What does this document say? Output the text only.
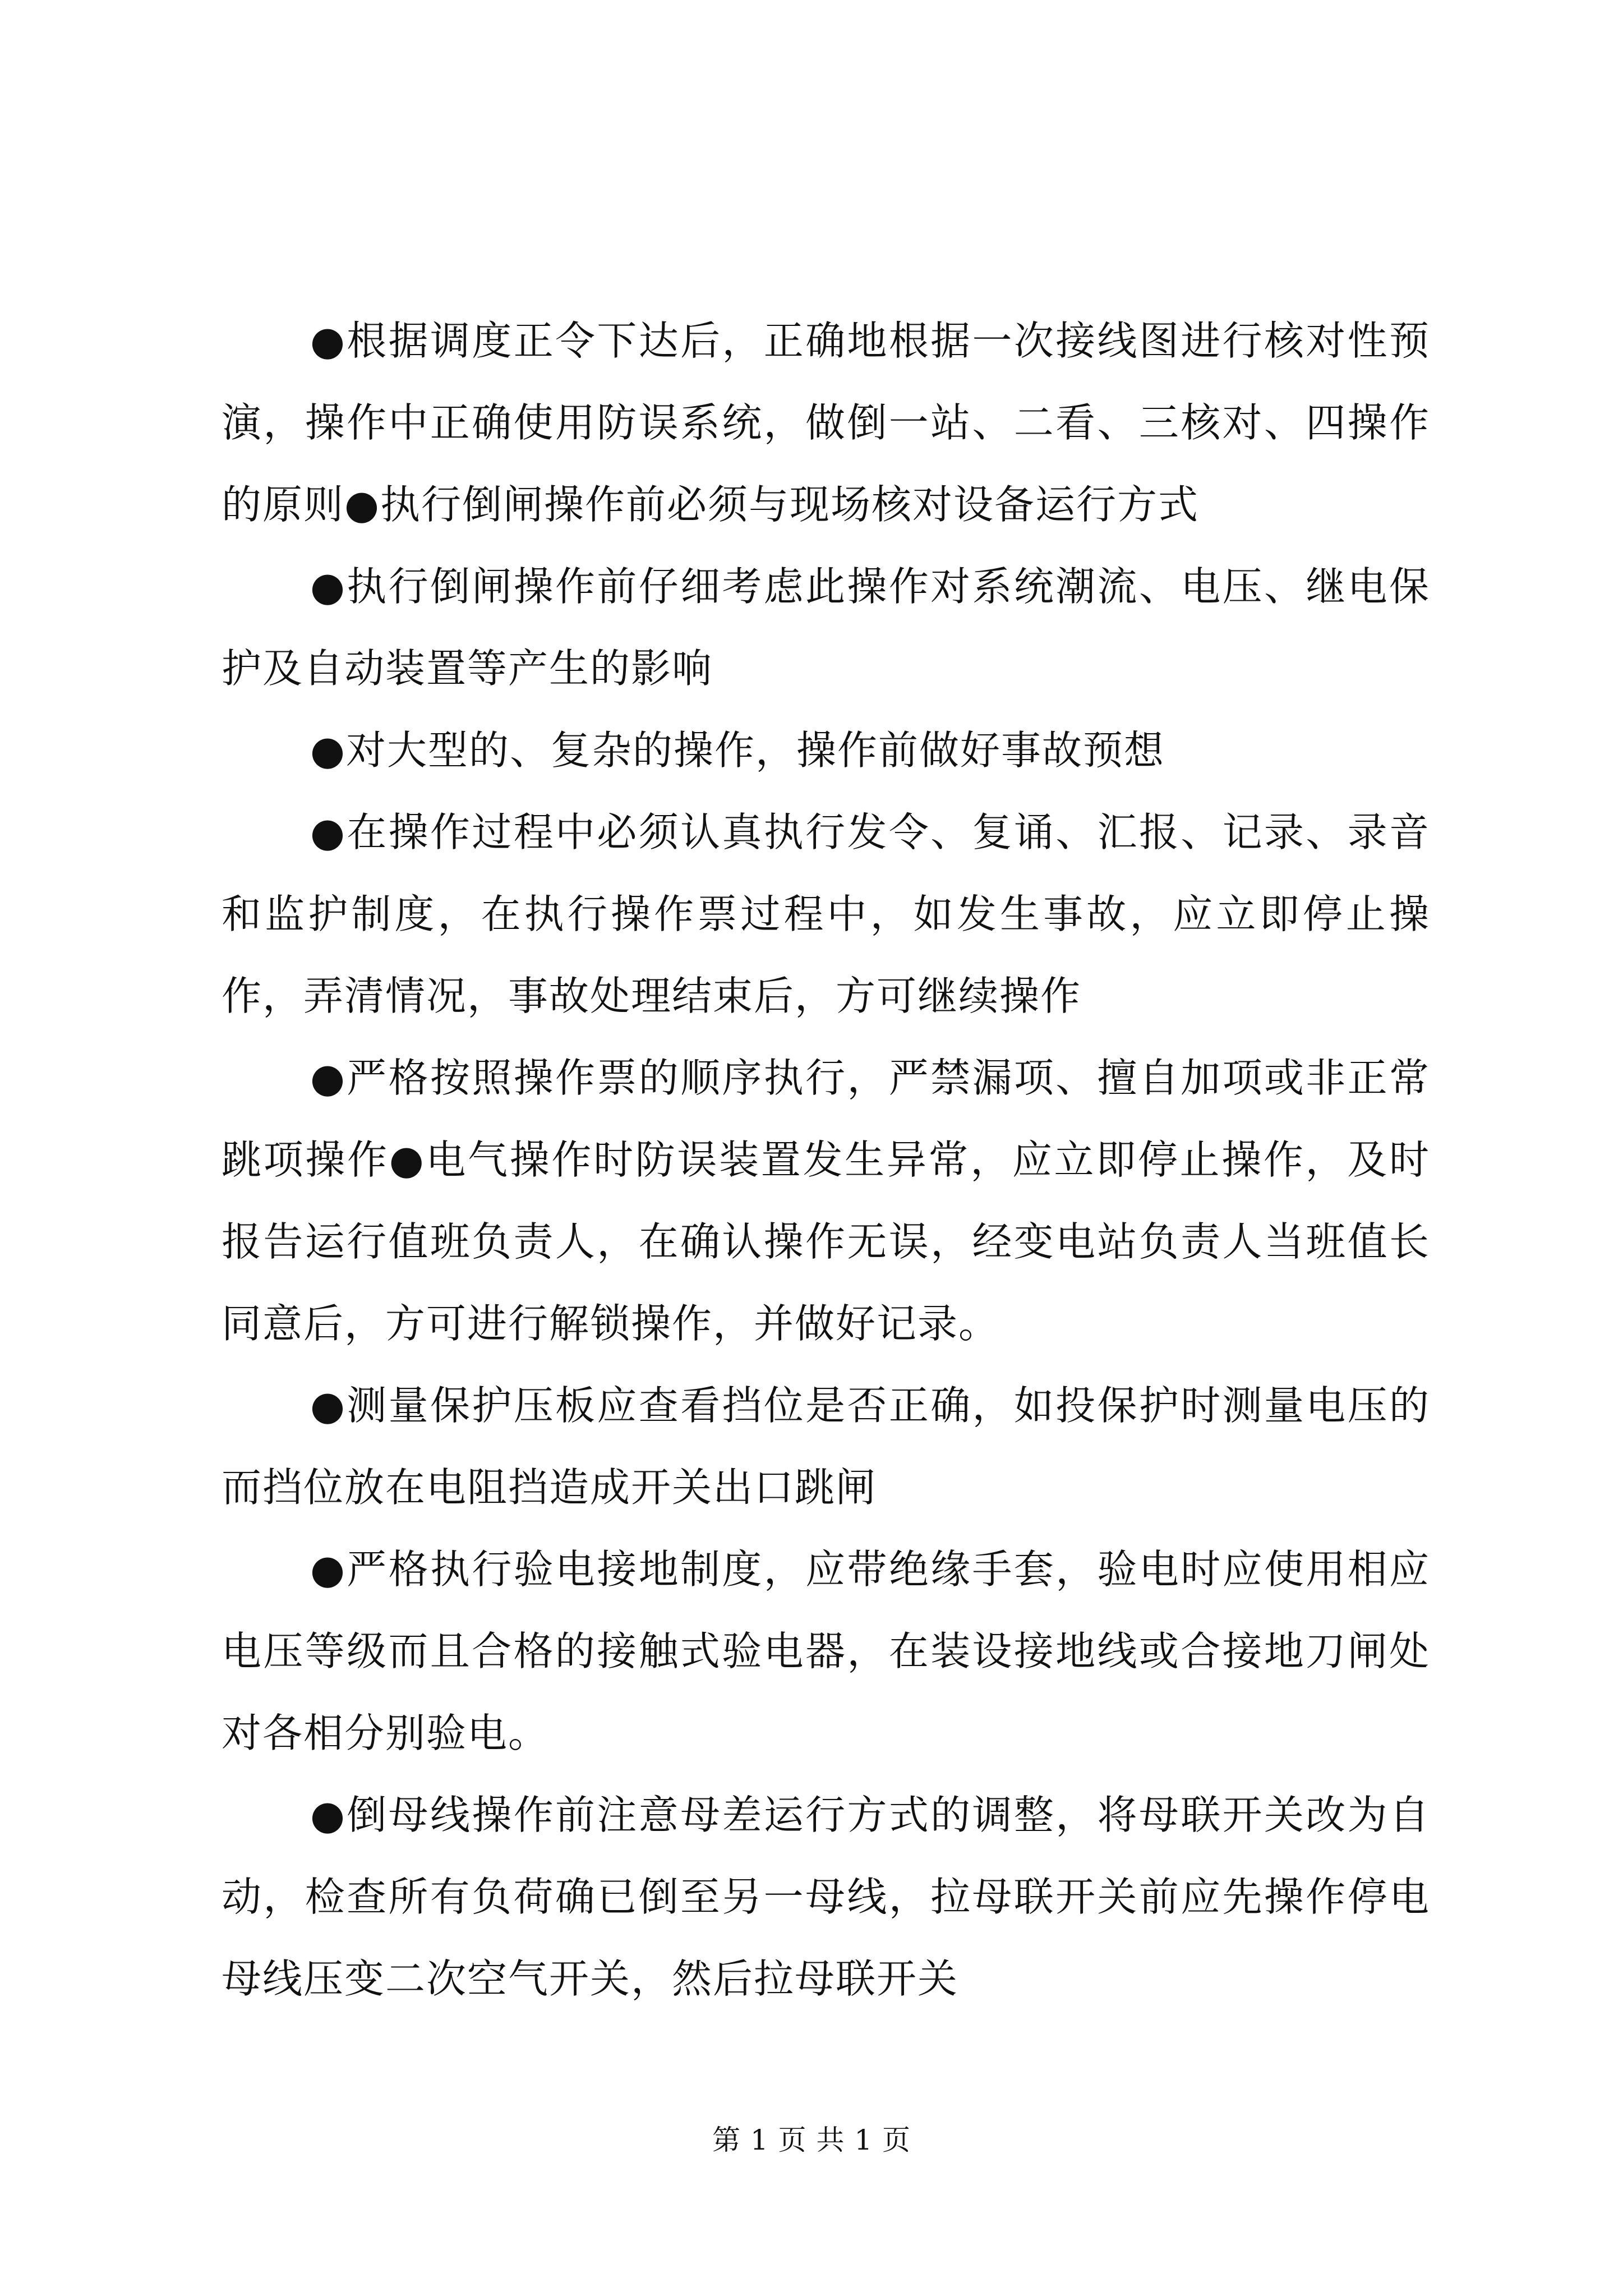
●根据调度正令下达后，正确地根据一次接线图进行核对性预演，操作中正确使用防误系统，做倒一站、二看、三核对、四操作的原则●执行倒闸操作前必须与现场核对设备运行方式

●执行倒闸操作前仔细考虑此操作对系统潮流、电压、继电保护及自动装置等产生的影响

●对大型的、复杂的操作，操作前做好事故预想

●在操作过程中必须认真执行发令、复诵、汇报、记录、录音和监护制度，在执行操作票过程中，如发生事故，应立即停止操作，弄清情况，事故处理结束后，方可继续操作

●严格按照操作票的顺序执行，严禁漏项、擅自加项或非正常跳项操作●电气操作时防误装置发生异常，应立即停止操作，及时报告运行值班负责人，在确认操作无误，经变电站负责人当班值长同意后，方可进行解锁操作，并做好记录。

●测量保护压板应查看挡位是否正确，如投保护时测量电压的而挡位放在电阻挡造成开关出口跳闸

●严格执行验电接地制度，应带绝缘手套，验电时应使用相应电压等级而且合格的接触式验电器，在装设接地线或合接地刀闸处对各相分别验电。

●倒母线操作前注意母差运行方式的调整，将母联开关改为自动，检查所有负荷确已倒至另一母线，拉母联开关前应先操作停电母线压变二次空气开关，然后拉母联开关

第 1 页 共 1 页
